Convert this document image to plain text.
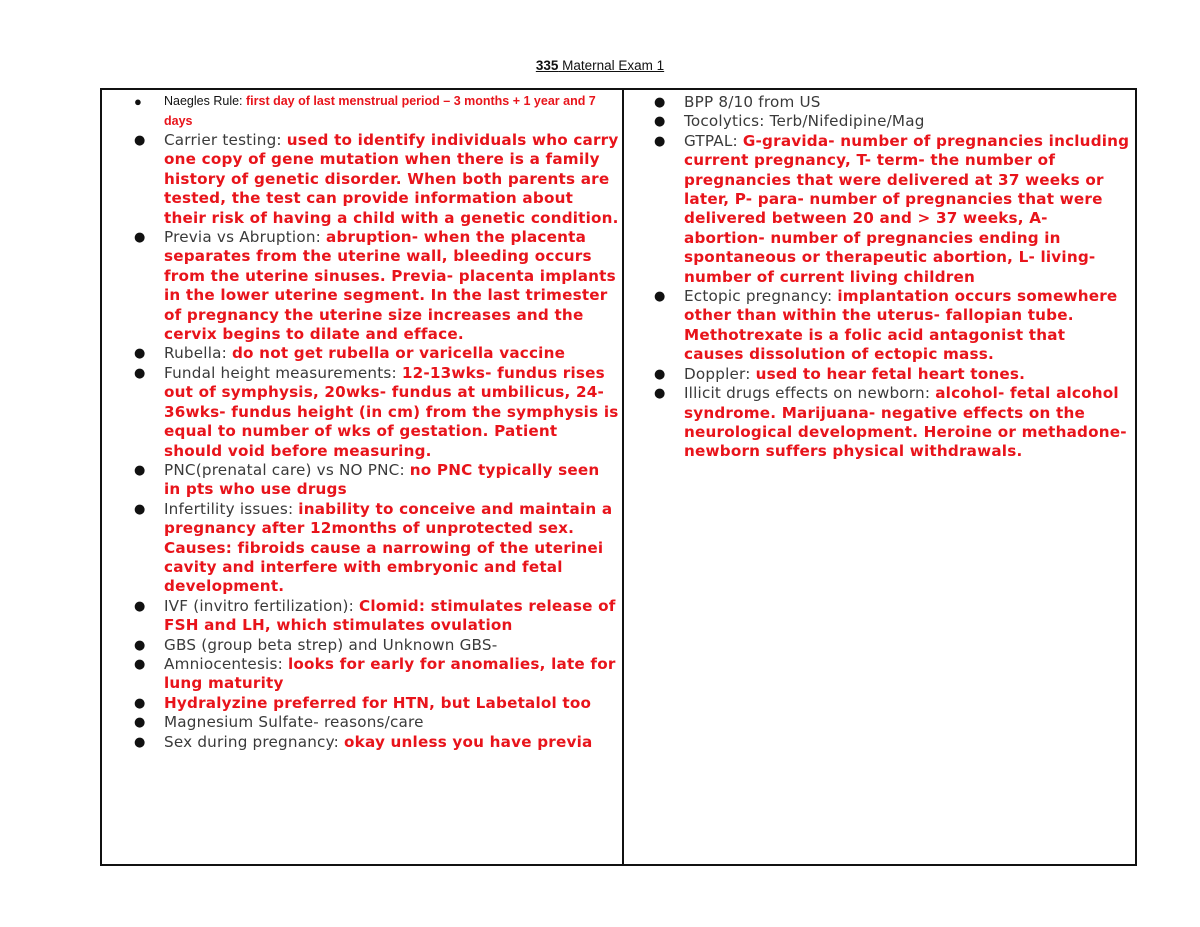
335 Maternal Exam 1
● Naegles Rule: first day of last menstrual period – 3 months + 1 year and 7 days
● Carrier testing: used to identify individuals who carry one copy of gene mutation when there is a family history of genetic disorder. When both parents are tested, the test can provide information about their risk of having a child with a genetic condition.
● Previa vs Abruption: abruption- when the placenta separates from the uterine wall, bleeding occurs from the uterine sinuses. Previa- placenta implants in the lower uterine segment. In the last trimester of pregnancy the uterine size increases and the cervix begins to dilate and efface.
● Rubella: do not get rubella or varicella vaccine
● Fundal height measurements: 12-13wks- fundus rises out of symphysis, 20wks- fundus at umbilicus, 24-36wks- fundus height (in cm) from the symphysis is equal to number of wks of gestation. Patient should void before measuring.
● PNC(prenatal care) vs NO PNC: no PNC typically seen in pts who use drugs
● Infertility issues: inability to conceive and maintain a pregnancy after 12months of unprotected sex. Causes: fibroids cause a narrowing of the uterinei cavity and interfere with embryonic and fetal development.
● IVF (invitro fertilization): Clomid: stimulates release of FSH and LH, which stimulates ovulation
● GBS (group beta strep) and Unknown GBS-
● Amniocentesis: looks for early for anomalies, late for lung maturity
● Hydralyzine preferred for HTN, but Labetalol too
● Magnesium Sulfate- reasons/care
● Sex during pregnancy: okay unless you have previa
● BPP 8/10 from US
● Tocolytics: Terb/Nifedipine/Mag
● GTPAL: G-gravida- number of pregnancies including current pregnancy, T- term- the number of pregnancies that were delivered at 37 weeks or later, P- para- number of pregnancies that were delivered between 20 and > 37 weeks, A- abortion- number of pregnancies ending in spontaneous or therapeutic abortion, L- living- number of current living children
● Ectopic pregnancy: implantation occurs somewhere other than within the uterus- fallopian tube. Methotrexate is a folic acid antagonist that causes dissolution of ectopic mass.
● Doppler: used to hear fetal heart tones.
● Illicit drugs effects on newborn: alcohol- fetal alcohol syndrome. Marijuana- negative effects on the neurological development. Heroine or methadone- newborn suffers physical withdrawals.
